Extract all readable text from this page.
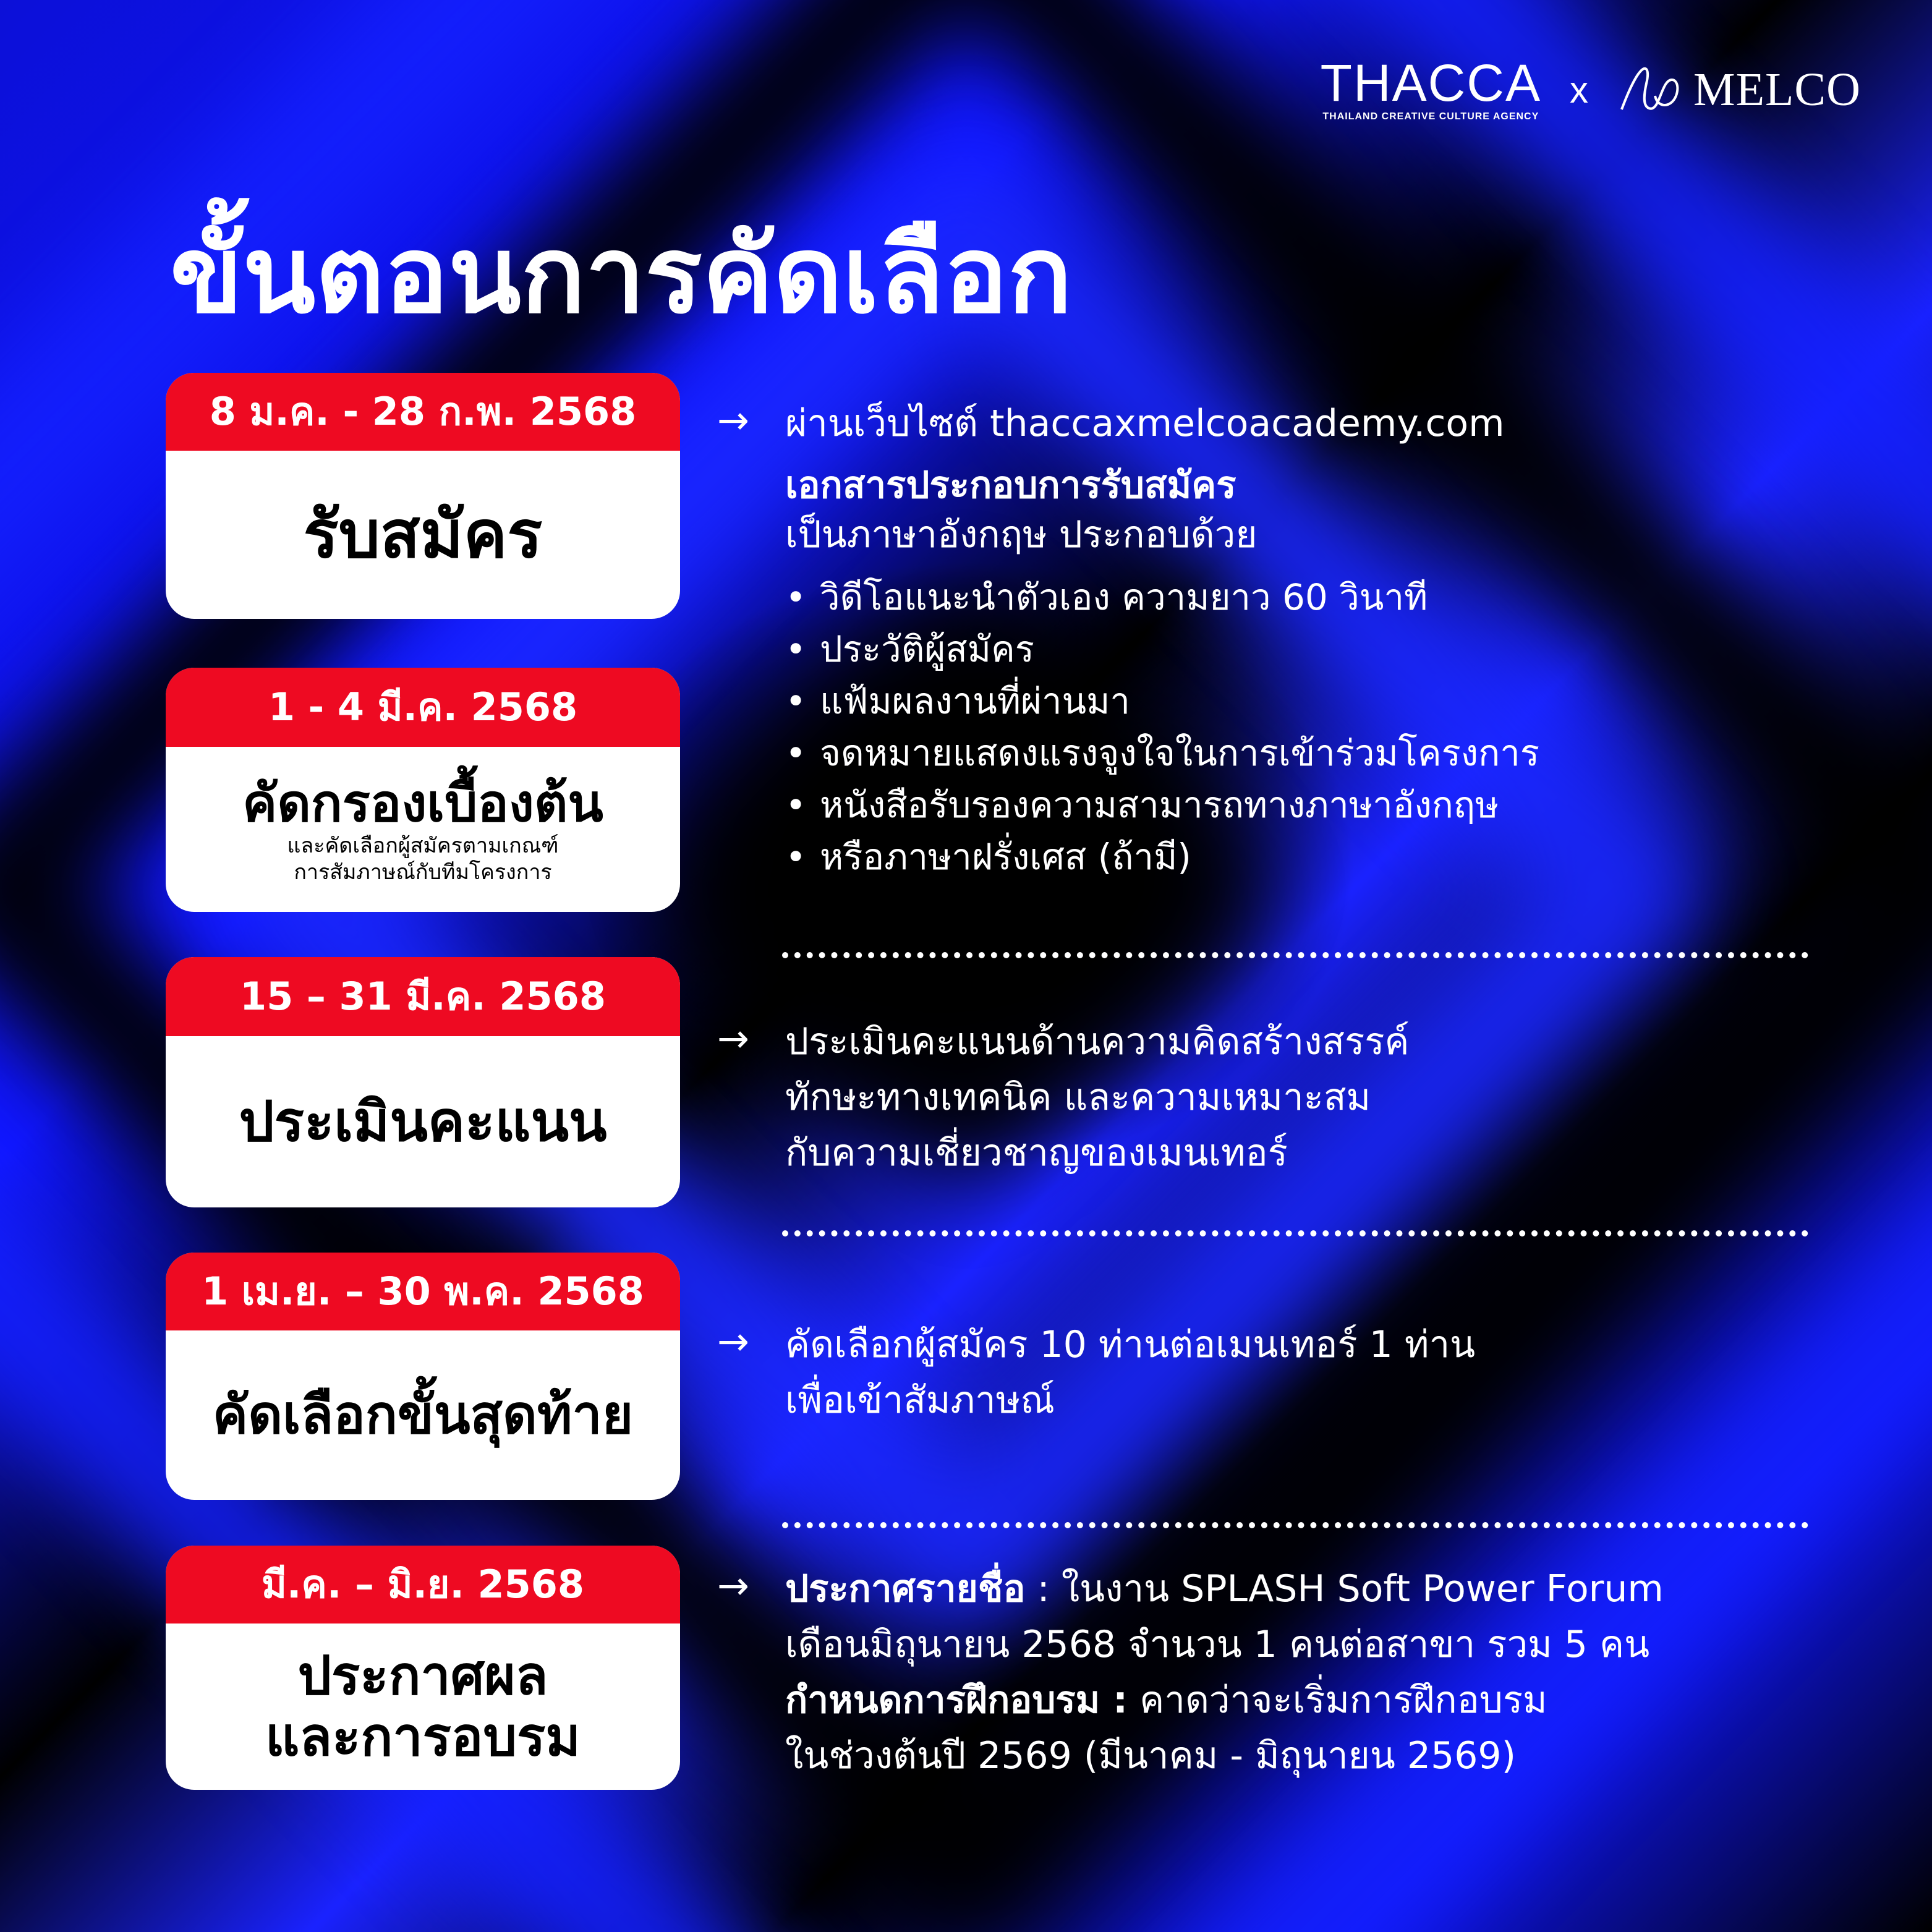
THACCA
THAILAND CREATIVE CULTURE AGENCY
x MELCO
ขั้นตอนการคัดเลือก
8 ม.ค. - 28 ก.พ. 2568
รับสมัคร
1 - 4 มี.ค. 2568
คัดกรองเบื้องต้น
และคัดเลือกผู้สมัครตามเกณฑ์
การสัมภาษณ์กับทีมโครงการ
15 – 31 มี.ค. 2568
ประเมินคะแนน
1 เม.ย. – 30 พ.ค. 2568
คัดเลือกขั้นสุดท้าย
มี.ค. – มิ.ย. 2568
ประกาศผล
และการอบรม
→ ผ่านเว็บไซต์ thaccaxmelcoacademy.com
เอกสารประกอบการรับสมัคร
เป็นภาษาอังกฤษ ประกอบด้วย
• วิดีโอแนะนำตัวเอง ความยาว 60 วินาที
• ประวัติผู้สมัคร
• แฟ้มผลงานที่ผ่านมา
• จดหมายแสดงแรงจูงใจในการเข้าร่วมโครงการ
• หนังสือรับรองความสามารถทางภาษาอังกฤษ
• หรือภาษาฝรั่งเศส (ถ้ามี)
→ ประเมินคะแนนด้านความคิดสร้างสรรค์
ทักษะทางเทคนิค และความเหมาะสม
กับความเชี่ยวชาญของเมนเทอร์
→ คัดเลือกผู้สมัคร 10 ท่านต่อเมนเทอร์ 1 ท่าน
เพื่อเข้าสัมภาษณ์
→ ประกาศรายชื่อ : ในงาน SPLASH Soft Power Forum
เดือนมิถุนายน 2568 จำนวน 1 คนต่อสาขา รวม 5 คน
กำหนดการฝึกอบรม : คาดว่าจะเริ่มการฝึกอบรม
ในช่วงต้นปี 2569 (มีนาคม - มิถุนายน 2569)
